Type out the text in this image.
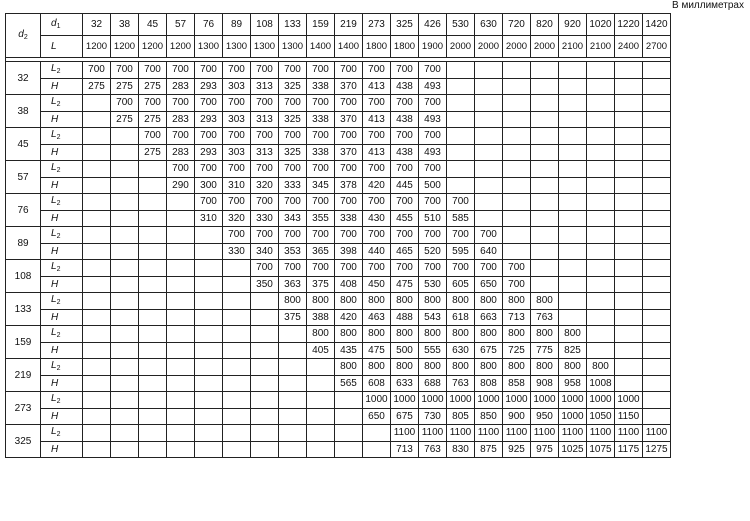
В миллиметрах
$d_2$	$d_1$	32	38	45	57	76	89	108	133	159	219	273	325	426	530	630	720	820	920	1020	1220	1420
	L	1200	1200	1200	1200	1300	1300	1300	1300	1400	1400	1800	1800	1900	2000	2000	2000	2000	2100	2100	2400	2700

32	$L_2$	700	700	700	700	700	700	700	700	700	700	700	700	700								
	H	275	275	275	283	293	303	313	325	338	370	413	438	493								
38	$L_2$		700	700	700	700	700	700	700	700	700	700	700	700								
	H		275	275	283	293	303	313	325	338	370	413	438	493								
45	$L_2$			700	700	700	700	700	700	700	700	700	700	700								
	H			275	283	293	303	313	325	338	370	413	438	493								
57	$L_2$				700	700	700	700	700	700	700	700	700	700								
	H				290	300	310	320	333	345	378	420	445	500								
76	$L_2$					700	700	700	700	700	700	700	700	700	700							
	H					310	320	330	343	355	338	430	455	510	585							
89	$L_2$						700	700	700	700	700	700	700	700	700	700						
	H						330	340	353	365	398	440	465	520	595	640						
108	$L_2$							700	700	700	700	700	700	700	700	700	700					
	H							350	363	375	408	450	475	530	605	650	700					
133	$L_2$								800	800	800	800	800	800	800	800	800	800				
	H								375	388	420	463	488	543	618	663	713	763				
159	$L_2$									800	800	800	800	800	800	800	800	800	800			
	H									405	435	475	500	555	630	675	725	775	825			
219	$L_2$										800	800	800	800	800	800	800	800	800	800		
	H										565	608	633	688	763	808	858	908	958	1008		
273	$L_2$											1000	1000	1000	1000	1000	1000	1000	1000	1000	1000	
	H											650	675	730	805	850	900	950	1000	1050	1150	
325	$L_2$												1100	1100	1100	1100	1100	1100	1100	1100	1100	1100
	H												713	763	830	875	925	975	1025	1075	1175	1275
